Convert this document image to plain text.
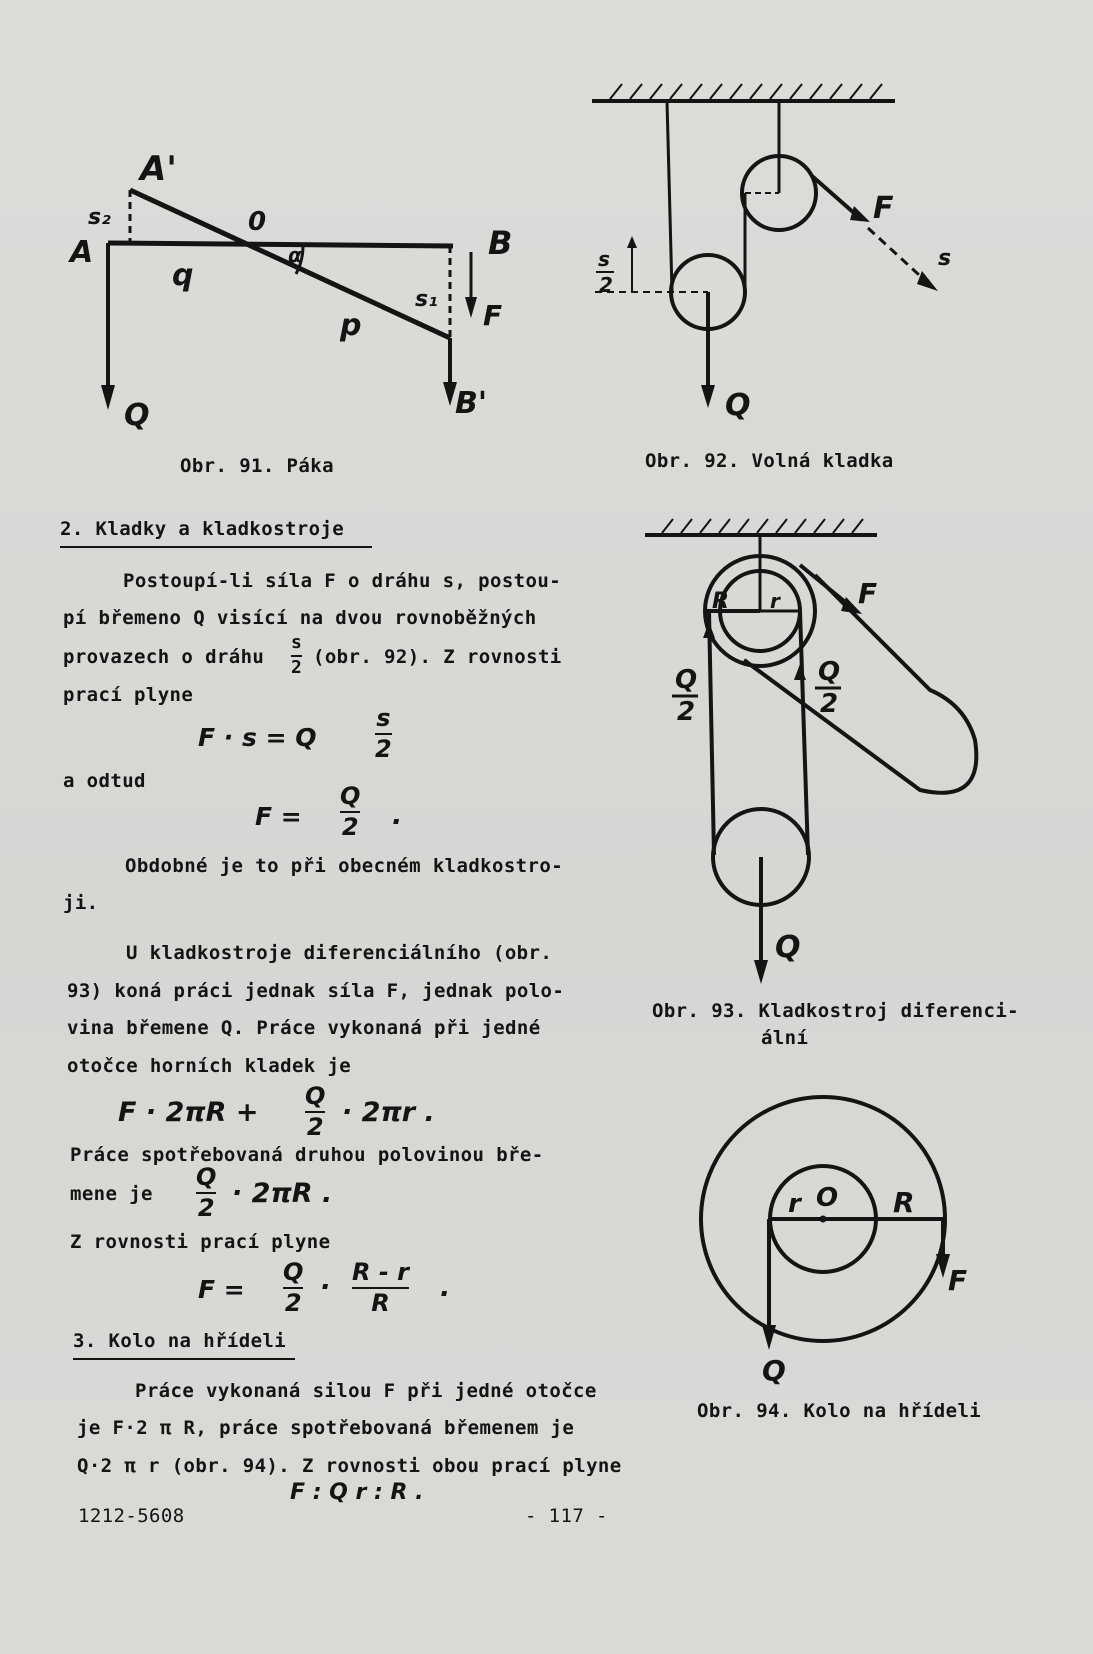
A'
A	B
B'
0
q
p
s₂
s₁
α
Q
F
Obr. 91. Páka
F
s
s
2
Q
Obr. 92. Volná kladka
R r	F
Q
2
Q
2
Q
Obr. 93. Kladkostroj diferenci-
ální
r O R
F
Q
Obr. 94. Kolo na hřídeli
2. Kladky a kladkostroje
Postoupí-li síla F o dráhu s, postou-
pí břemeno Q visící na dvou rovnoběžných
provazech o dráhu
s
2 (obr. 92). Z rovnosti
prací plyne
F · s = Q
s
2
a odtud
F =
Q
2 .
Obdobné je to při obecném kladkostro-
ji.
U kladkostroje diferenciálního (obr.
93) koná práci jednak síla F, jednak polo-
vina břemene Q. Práce vykonaná při jedné
otočce horních kladek je
F · 2πR +
Q
2 · 2πr .
Práce spotřebovaná druhou polovinou bře-
mene je
Q
2 · 2πR .
Z rovnosti prací plyne
F =
Q
2
· R - r
R
.
3. Kolo na hřídeli
Práce vykonaná silou F při jedné otočce
je F·2 π R, práce spotřebovaná břemenem je
Q·2 π r (obr. 94). Z rovnosti obou prací plyne
F : Q r : R .
1212-5608	- 117 -
